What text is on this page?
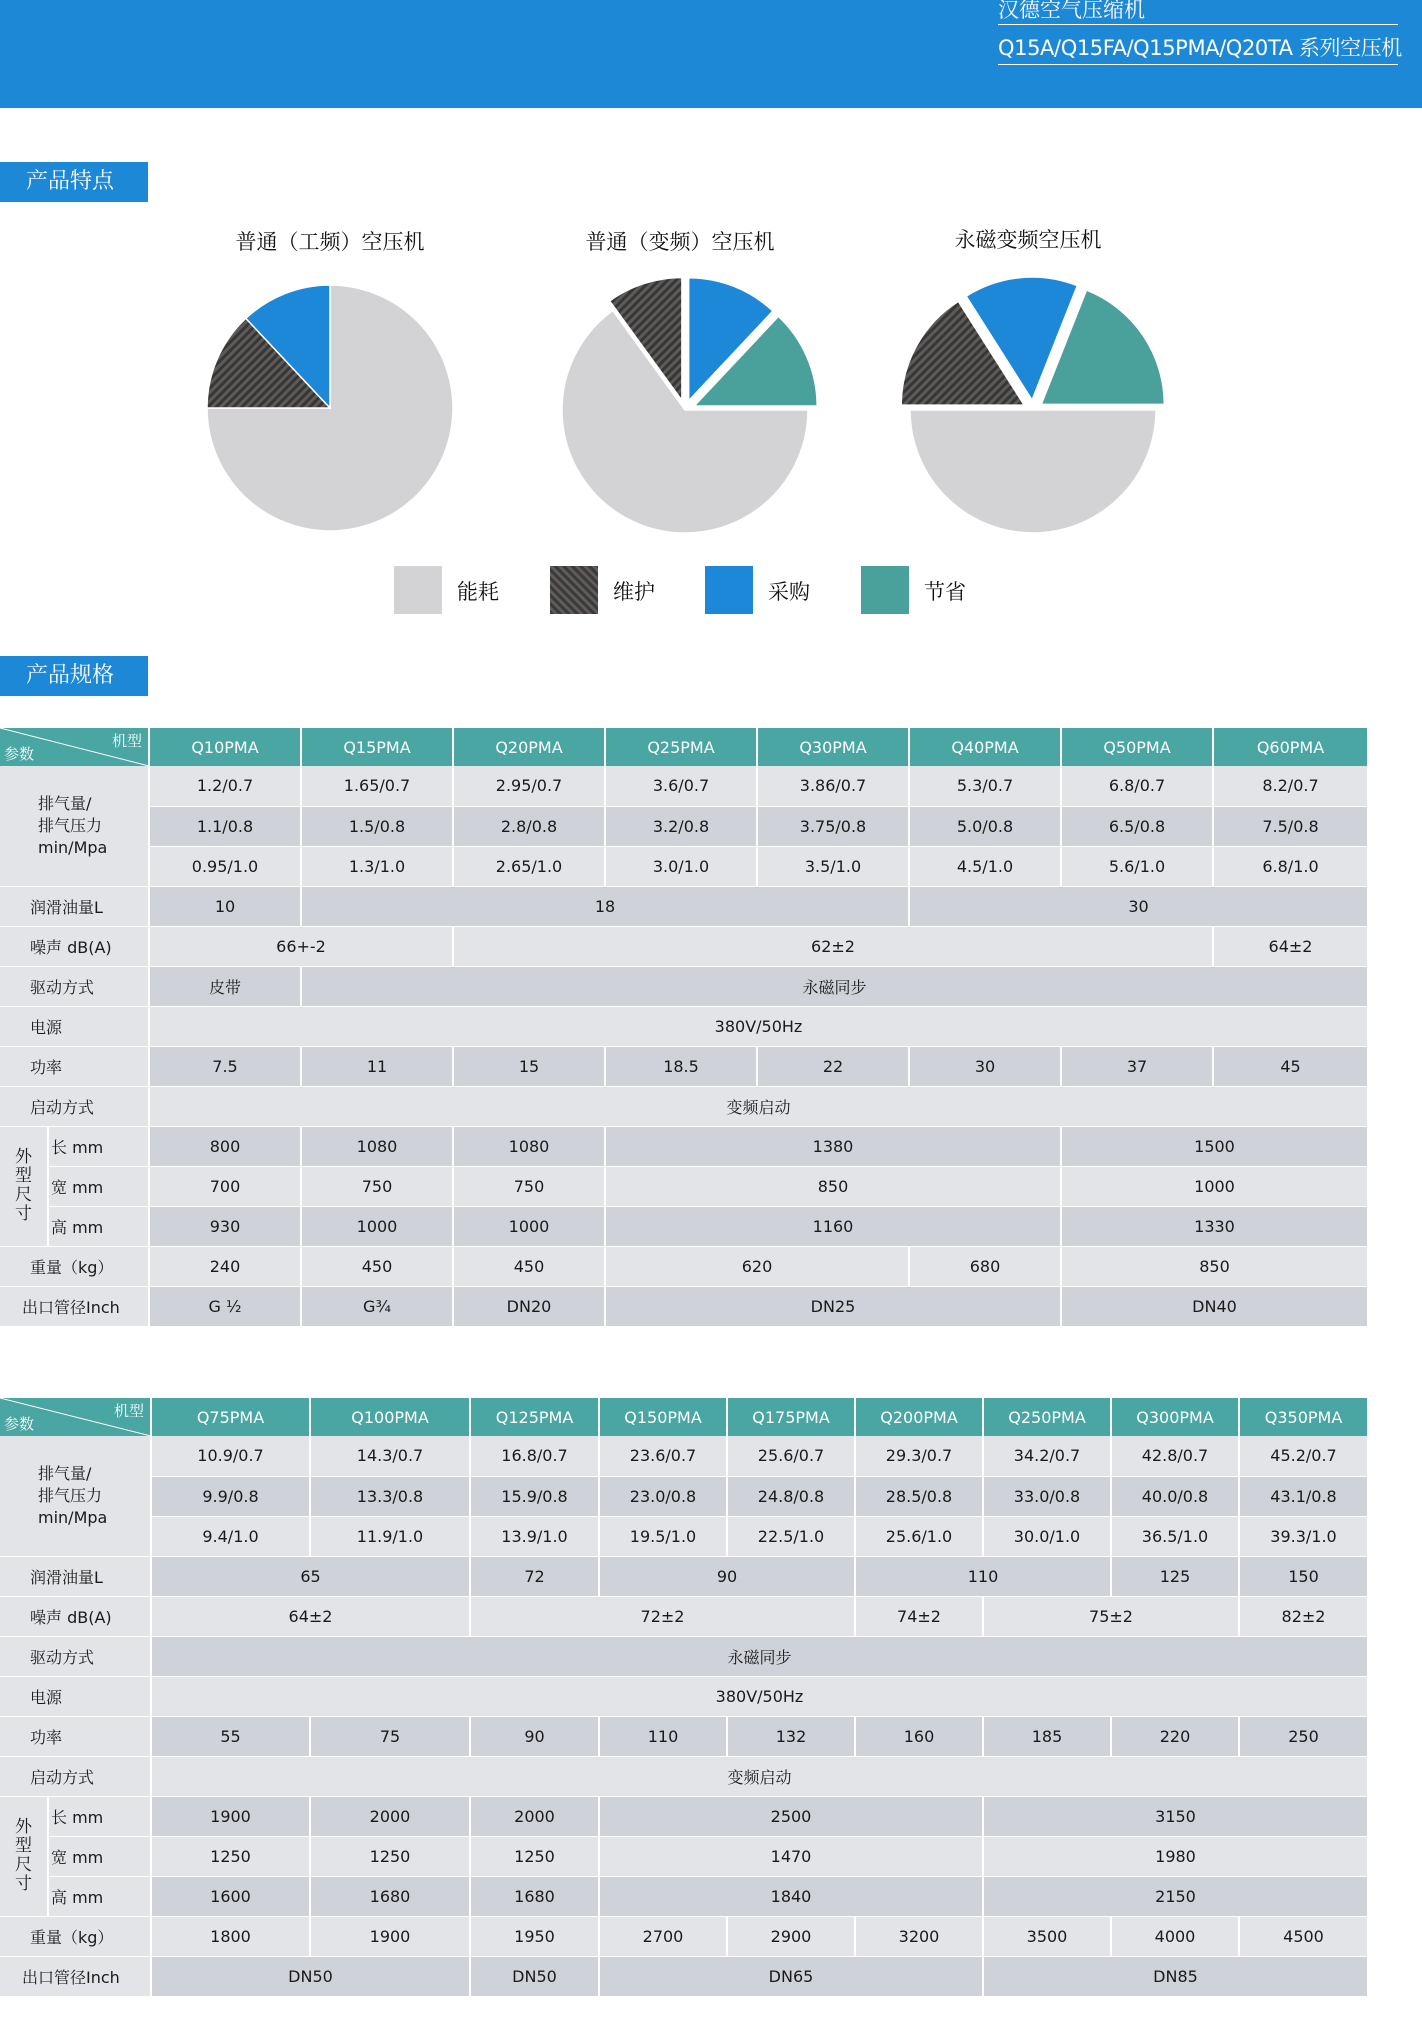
汉德空气压缩机
Q15A/Q15FA/Q15PMA/Q20TA 系列空压机
产品特点
普通（工频）空压机	普通（变频）空压机	永磁变频空压机
能耗	维护	采购	节省
产品规格
机型
参数		Q10PMA	Q15PMA	Q20PMA	Q25PMA	Q30PMA	Q40PMA	Q50PMA	Q60PMA
排气量/
排气压力
min/Mpa		1.2/0.7	1.65/0.7	2.95/0.7	3.6/0.7	3.86/0.7	5.3/0.7	6.8/0.7	8.2/0.7
		1.1/0.8	1.5/0.8	2.8/0.8	3.2/0.8	3.75/0.8	5.0/0.8	6.5/0.8	7.5/0.8
		0.95/1.0	1.3/1.0	2.65/1.0	3.0/1.0	3.5/1.0	4.5/1.0	5.6/1.0	6.8/1.0
润滑油量L		10	18				30		
噪声 dB(A)		66+-2		62±2					64±2
驱动方式		皮带	永磁同步						
电源		380V/50Hz							
功率		7.5	11	15	18.5	22	30	37	45
启动方式		变频启动							
外型尺寸	长 mm	800	1080	1080	1380			1500	
	宽 mm	700	750	750	850			1000	
	高 mm	930	1000	1000	1160			1330	
重量（kg）		240	450	450	620		680	850	
出口管径Inch		G ½	G¾	DN20	DN25			DN40	
机型
参数		Q75PMA	Q100PMA	Q125PMA	Q150PMA	Q175PMA	Q200PMA	Q250PMA	Q300PMA	Q350PMA
排气量/
排气压力
min/Mpa		10.9/0.7	14.3/0.7	16.8/0.7	23.6/0.7	25.6/0.7	29.3/0.7	34.2/0.7	42.8/0.7	45.2/0.7
		9.9/0.8	13.3/0.8	15.9/0.8	23.0/0.8	24.8/0.8	28.5/0.8	33.0/0.8	40.0/0.8	43.1/0.8
		9.4/1.0	11.9/1.0	13.9/1.0	19.5/1.0	22.5/1.0	25.6/1.0	30.0/1.0	36.5/1.0	39.3/1.0
润滑油量L		65		72	90		110		125	150
噪声 dB(A)		64±2		72±2			74±2	75±2		82±2
驱动方式		永磁同步								
电源		380V/50Hz								
功率		55	75	90	110	132	160	185	220	250
启动方式		变频启动								
外型尺寸	长 mm	1900	2000	2000	2500			3150		
	宽 mm	1250	1250	1250	1470			1980		
	高 mm	1600	1680	1680	1840			2150		
重量（kg）		1800	1900	1950	2700	2900	3200	3500	4000	4500
出口管径Inch		DN50		DN50	DN65			DN85		
